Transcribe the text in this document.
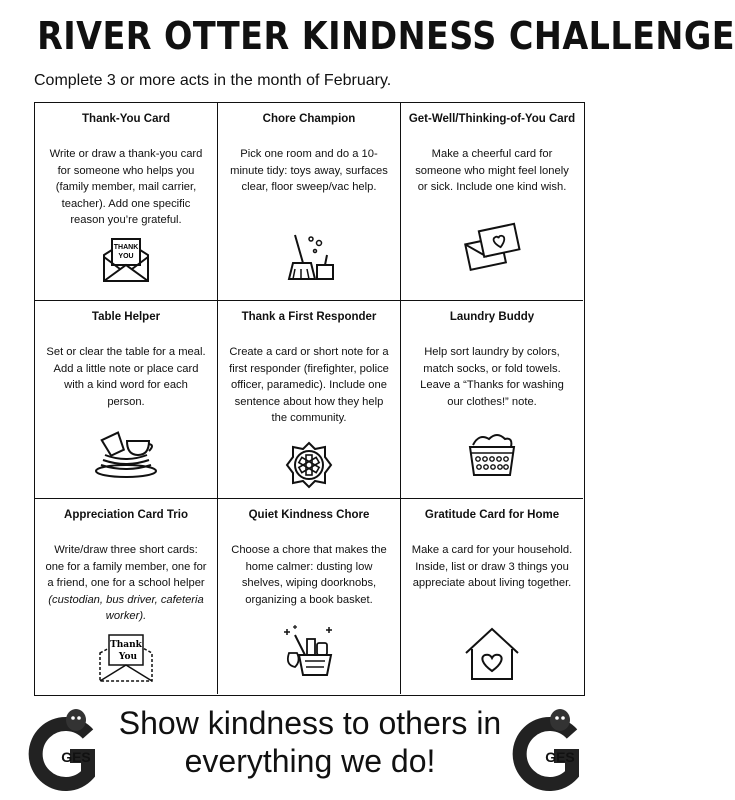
RIVER OTTER KINDNESS CHALLENGE
Complete 3 or more acts in the month of February.
Thank-You Card
Write or draw a thank-you card for someone who helps you (family member, mail carrier, teacher). Add one specific reason you’re grateful.
THANK
YOU
Chore Champion
Pick one room and do a 10-minute tidy: toys away, surfaces clear, floor sweep/vac help.
Get-Well/Thinking-of-You Card
Make a cheerful card for someone who might feel lonely or sick. Include one kind wish.
Table Helper
Set or clear the table for a meal. Add a little note or place card with a kind word for each person.
Thank a First Responder
Create a card or short note for a first responder (firefighter, police officer, paramedic). Include one sentence about how they help the community.
Laundry Buddy
Help sort laundry by colors, match socks, or fold towels. Leave a “Thanks for washing our clothes!” note.
Appreciation Card Trio
Write/draw three short cards: one for a family member, one for a friend, one for a school helper (custodian, bus driver, cafeteria worker).
Thank
You
Quiet Kindness Chore
Choose a chore that makes the home calmer: dusting low shelves, wiping doorknobs, organizing a book basket.
Gratitude Card for Home
Make a card for your household. Inside, list or draw 3 things you appreciate about living together.
GES
Show kindness to others in
everything we do!	GES
